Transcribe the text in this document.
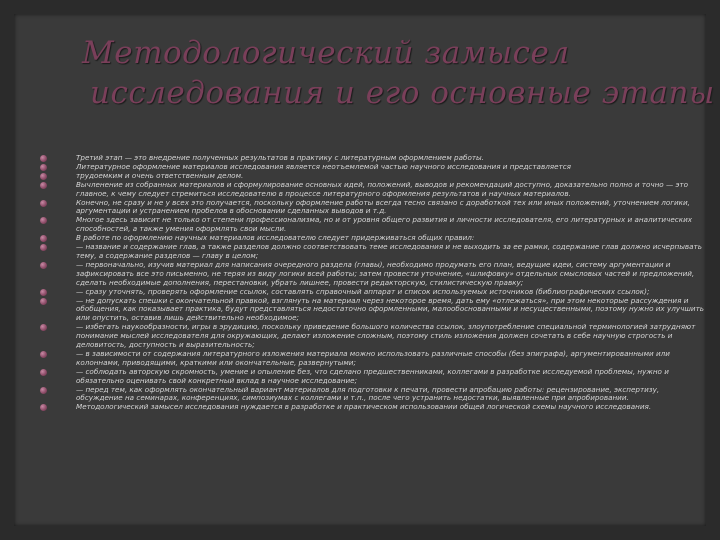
Методологический замысел
исследования и его основные этапы
Третий этап — это внедрение полученных результатов в практику с литературным оформлением работы.
Литературное оформление материалов исследования является неотъемлемой частью научного исследования и представляется
трудоемким и очень ответственным делом.
Вычленение из собранных материалов и сформулирование основных идей, положений, выводов и рекомендаций доступно, доказательно полно и точно — это главное, к чему следует стремиться исследователю в процессе литературного оформления результатов и научных материалов.
Конечно, не сразу и не у всех это получается, поскольку оформление работы всегда тесно связано с доработкой тех или иных положений, уточнением логики, аргументации и устранением пробелов в обосновании сделанных выводов и т.д.
Многое здесь зависит не только от степени профессионализма, но и от уровня общего развития и личности исследователя, его литературных и аналитических способностей, а также умения оформлять свои мысли.
В работе по оформлению научных материалов исследователю следует придерживаться общих правил:
— название и содержание глав, а также разделов должно соответствовать теме исследования и не выходить за ее рамки, содержание глав должно исчерпывать тему, а содержание разделов — главу в целом;
— первоначально, изучив материал для написания очередного раздела (главы), необходимо продумать его план, ведущие идеи, систему аргументации и зафиксировать все это письменно, не теряя из виду логики всей работы; затем провести уточнение, «шлифовку» отдельных смысловых частей и предложений, сделать необходимые дополнения, перестановки, убрать лишнее, провести редакторскую, стилистическую правку;
— сразу уточнять, проверять оформление ссылок, составлять справочный аппарат и список используемых источников (библиографических ссылок);
— не допускать спешки с окончательной правкой, взглянуть на материал через некоторое время, дать ему «отлежаться», при этом некоторые рассуждения и обобщения, как показывает практика, будут представляться недостаточно оформленными, малообоснованными и несущественными, поэтому нужно их улучшить или опустить, оставив лишь действительно необходимое;
— избегать наукообразности, игры в эрудицию, поскольку приведение большого количества ссылок, злоупотребление специальной терминологией затрудняют понимание мыслей исследователя для окружающих, делают изложение сложным, поэтому стиль изложения должен сочетать в себе научную строгость и деловитость, доступность и выразительность;
— в зависимости от содержания литературного изложения материала можно использовать различные способы (без эпиграфа), аргументированными или колоннами, приводящими, краткими или окончательные, развернутыми;
— соблюдать авторскую скромность, умение и опыление без, что сделано предшественниками, коллегами в разработке исследуемой проблемы, нужно и обязательно оценивать свой конкретный вклад в научное исследование;
— перед тем, как оформлять окончательный вариант материалов для подготовки к печати, провести апробацию работы: рецензирование, экспертизу, обсуждение на семинарах, конференциях, симпозиумах с коллегами и т.п., после чего устранить недостатки, выявленные при апробировании.
Методологический замысел исследования нуждается в разработке и практическом использовании общей логической схемы научного исследования.
